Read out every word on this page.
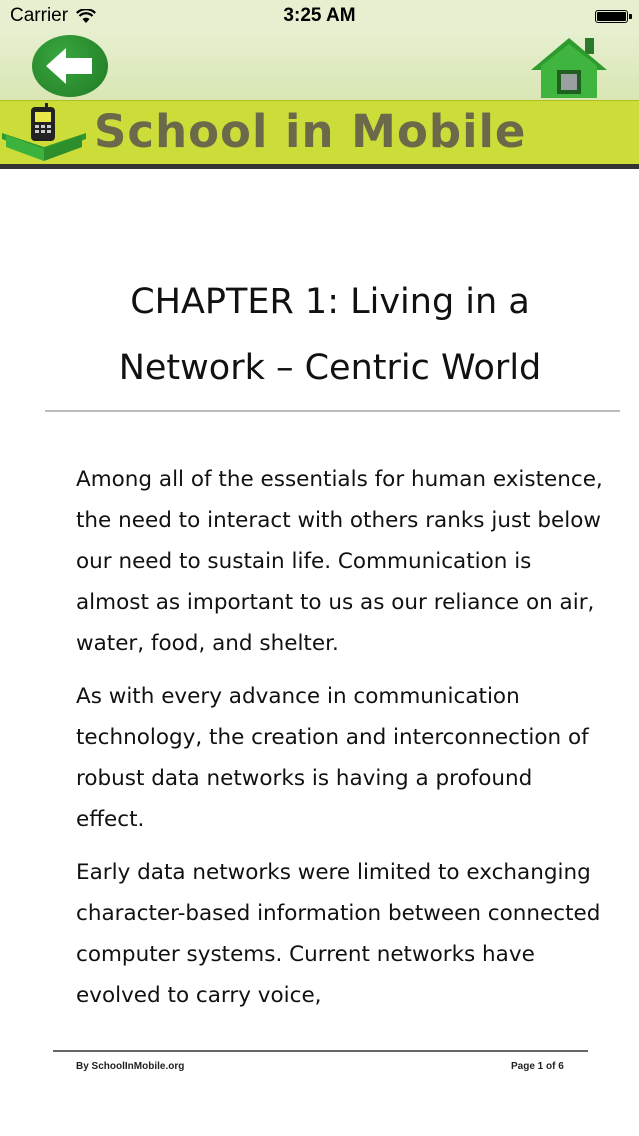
Carrier	3:25 AM
School in Mobile
CHAPTER 1: Living in a
Network – Centric World

Among all of the essentials for human existence, the need to interact with others ranks just below our need to sustain life. Communication is almost as important to us as our reliance on air, water, food, and shelter.

As with every advance in communication technology, the creation and interconnection of robust data networks is having a profound effect.

Early data networks were limited to exchanging character-based information between connected computer systems. Current networks have evolved to carry voice,

By SchoolInMobile.org	Page 1 of 6
